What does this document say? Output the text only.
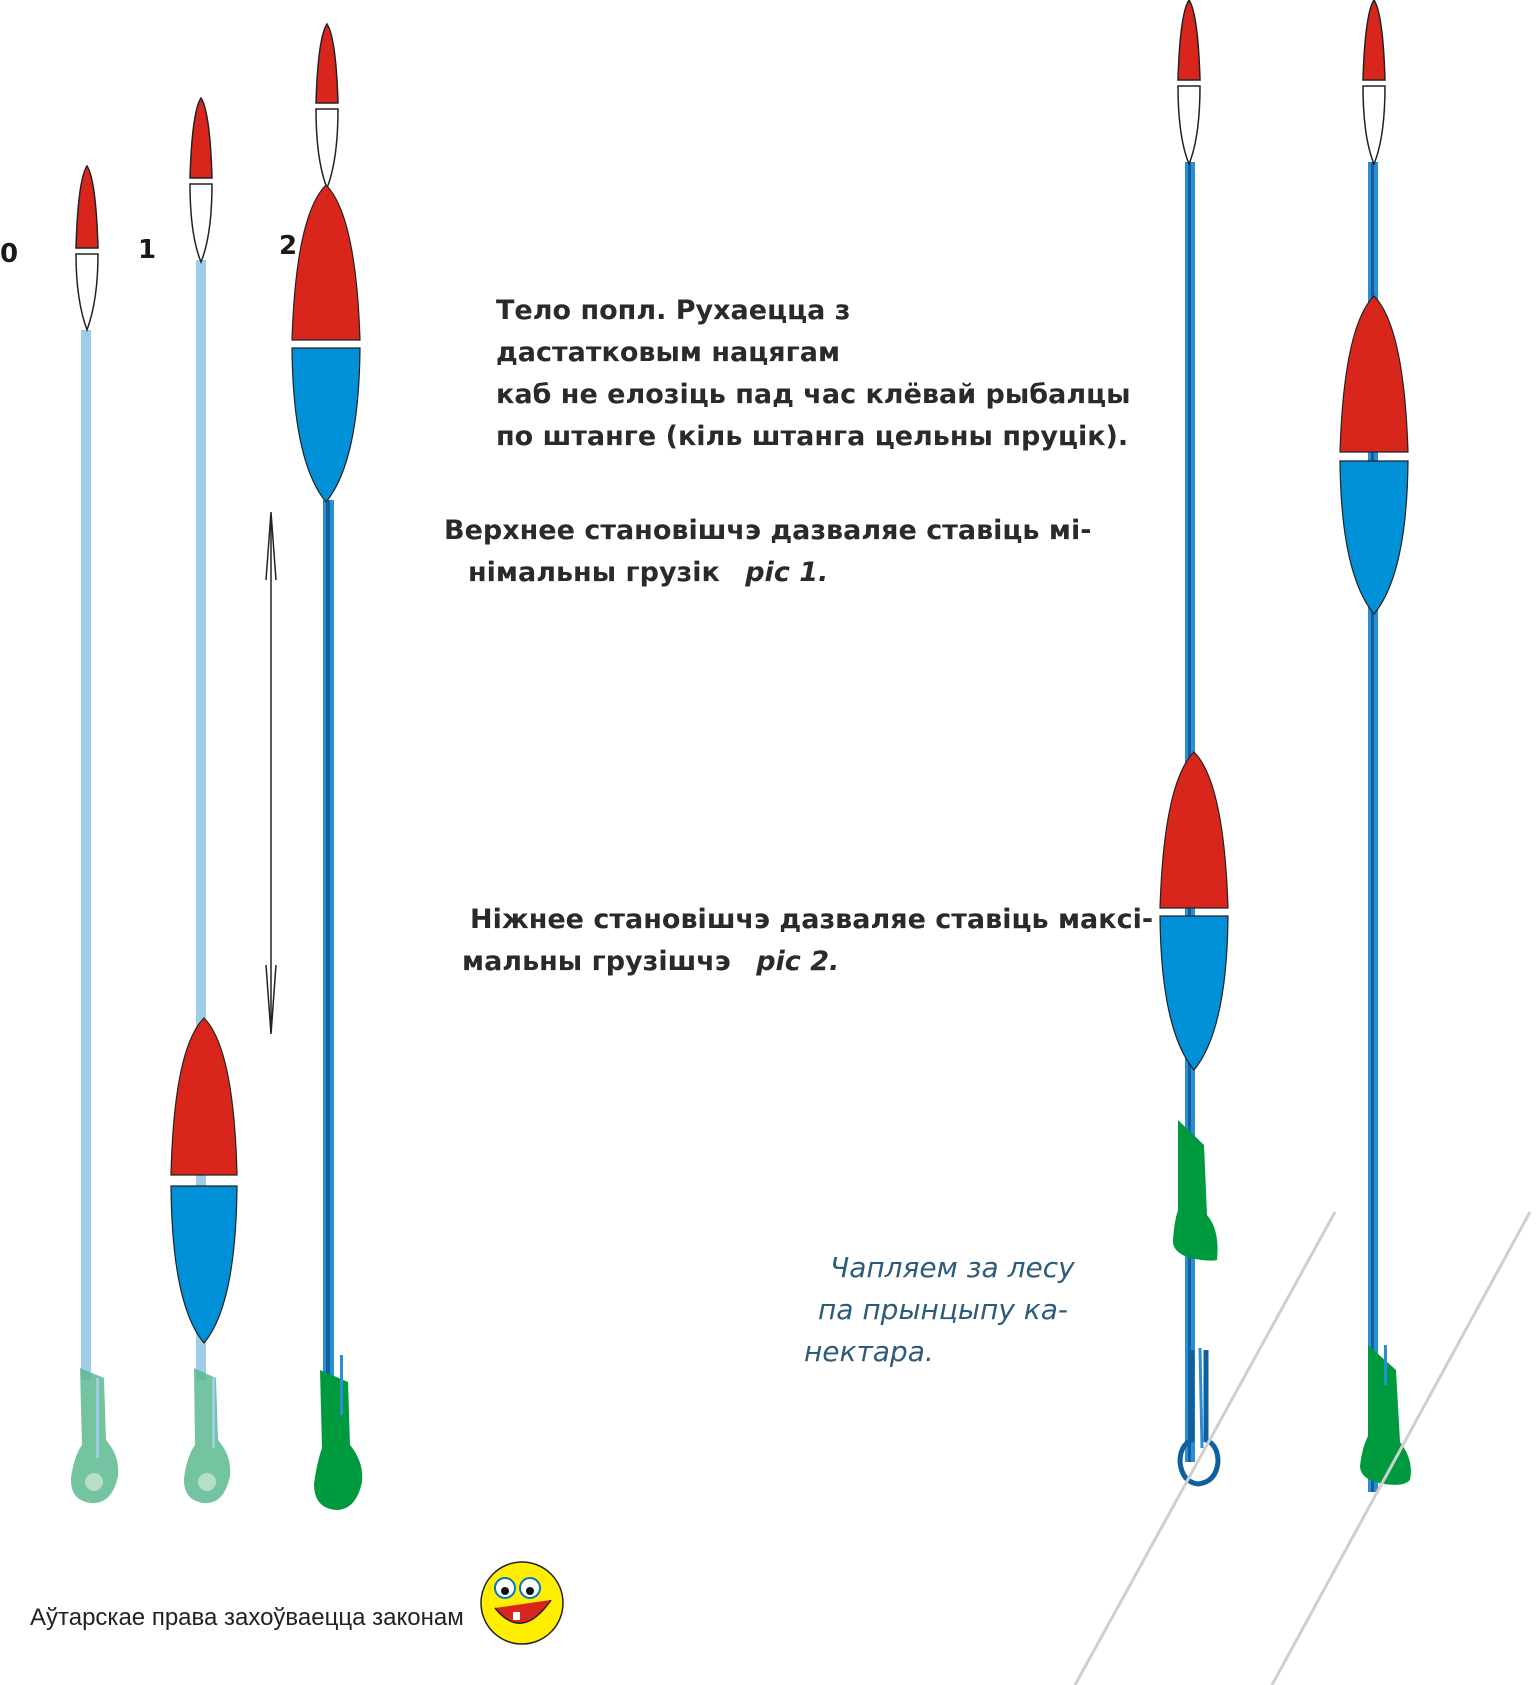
0	1	2
Тело попл. Рухаецца з
дастатковым нацягам
каб не елозіць пад час клёвай рыбалцы
по штанге (кіль штанга цельны пруцік).
Верхнее становішчэ дазваляе ставіць мі-
німальны грузік ріс 1.
Ніжнее становішчэ дазваляе ставіць максі-
мальны грузішчэ ріс 2.
Чапляем за лесу
па прынцыпу ка-
нектара.
Аўтарскае права захоўваецца законам
